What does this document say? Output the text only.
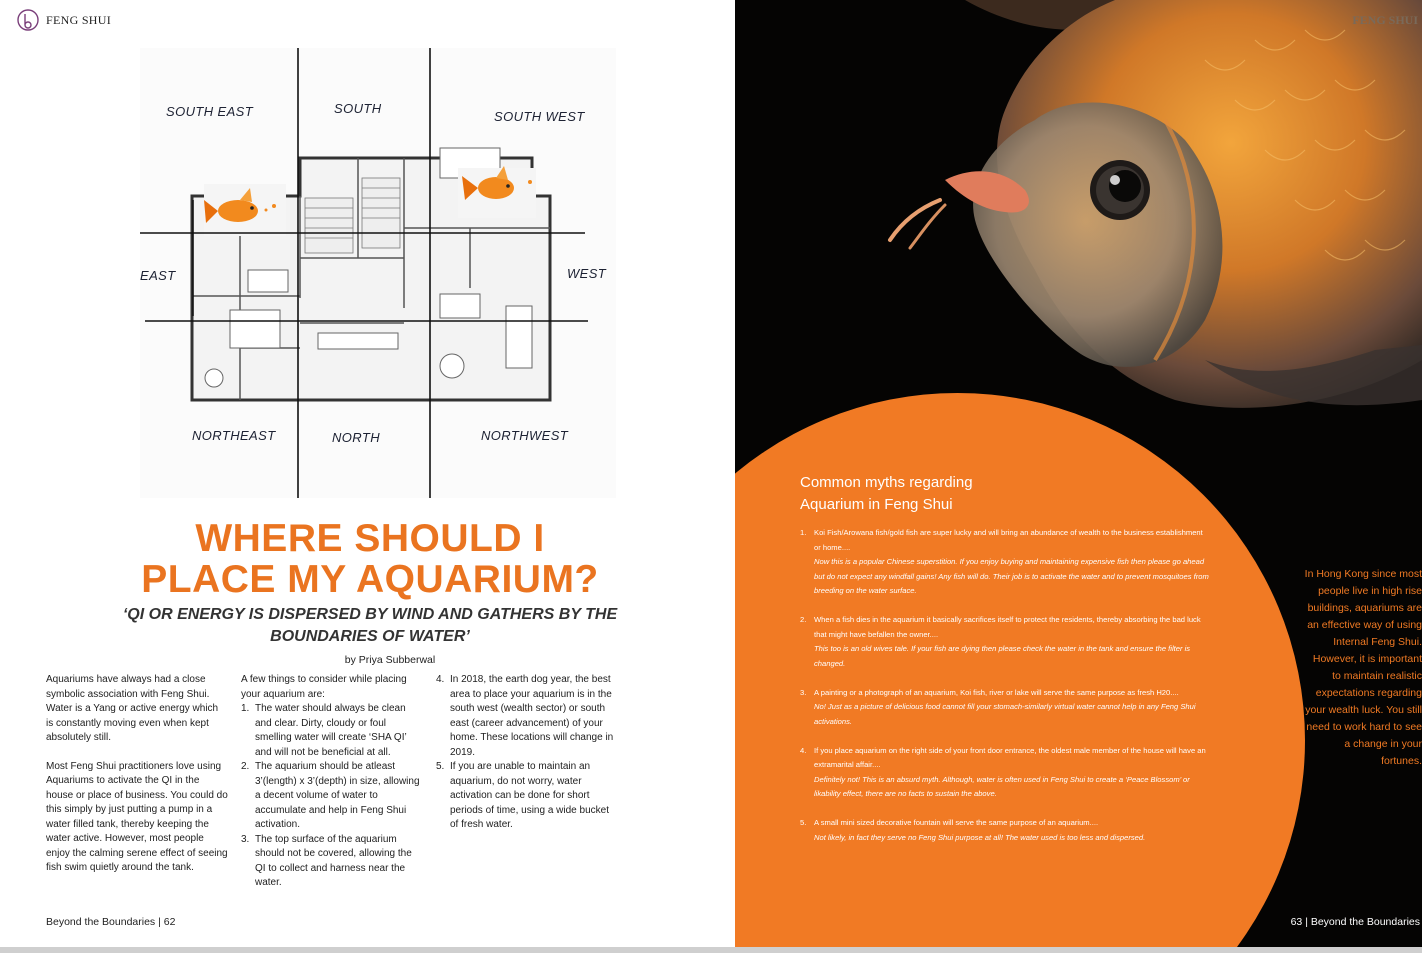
FENG SHUI
SOUTH EAST	SOUTH
SOUTH WEST
EAST	WEST
NORTHEAST	NORTH	NORTHWEST
WHERE SHOULD I
PLACE MY AQUARIUM?
‘QI OR ENERGY IS DISPERSED BY WIND AND GATHERS BY THE BOUNDARIES OF WATER’
by Priya Subberwal

Aquariums have always had a close symbolic association with Feng Shui. Water is a Yang or active energy which is constantly moving even when kept absolutely still.

Most Feng Shui practitioners love using Aquariums to activate the QI in the house or place of business. You could do this simply by just putting a pump in a water filled tank, thereby keeping the water active. However, most people enjoy the calming serene effect of seeing fish swim quietly around the tank.

A few things to consider while placing your aquarium are:
1. The water should always be clean and clear. Dirty, cloudy or foul smelling water will create ‘SHA QI’ and will not be beneficial at all.
2. The aquarium should be atleast 3’(length) x 3’(depth) in size, allowing a decent volume of water to accumulate and help in Feng Shui activation.
3. The top surface of the aquarium should not be covered, allowing the QI to collect and harness near the water.
4. In 2018, the earth dog year, the best area to place your aquarium is in the south west (wealth sector) or south east (career advancement) of your home. These locations will change in 2019.
5. If you are unable to maintain an aquarium, do not worry, water activation can be done for short periods of time, using a wide bucket of fresh water.
Beyond the Boundaries | 62
FENG SHUI
Common myths regarding
Aquarium in Feng Shui
1. Koi Fish/Arowana fish/gold fish are super lucky and will bring an abundance of wealth to the business establishment or home....
Now this is a popular Chinese superstition. If you enjoy buying and maintaining expensive fish then please go ahead but do not expect any windfall gains! Any fish will do. Their job is to activate the water and to prevent mosquitoes from breeding on the water surface.
2. When a fish dies in the aquarium it basically sacrifices itself to protect the residents, thereby absorbing the bad luck that might have befallen the owner....
This too is an old wives tale. If your fish are dying then please check the water in the tank and ensure the filter is changed.
3. A painting or a photograph of an aquarium, Koi fish, river or lake will serve the same purpose as fresh H20....
No! Just as a picture of delicious food cannot fill your stomach-similarly virtual water cannot help in any Feng Shui activations.
4. If you place aquarium on the right side of your front door entrance, the oldest male member of the house will have an extramarital affair....
Definitely not! This is an absurd myth. Although, water is often used in Feng Shui to create a ‘Peace Blossom’ or likability effect, there are no facts to sustain the above.
5. A small mini sized decorative fountain will serve the same purpose of an aquarium....
Not likely, in fact they serve no Feng Shui purpose at all! The water used is too less and dispersed.
In Hong Kong since most people live in high rise buildings, aquariums are an effective way of using Internal Feng Shui. However, it is important to maintain realistic expectations regarding your wealth luck. You still need to work hard to see a change in your fortunes.
63 | Beyond the Boundaries
